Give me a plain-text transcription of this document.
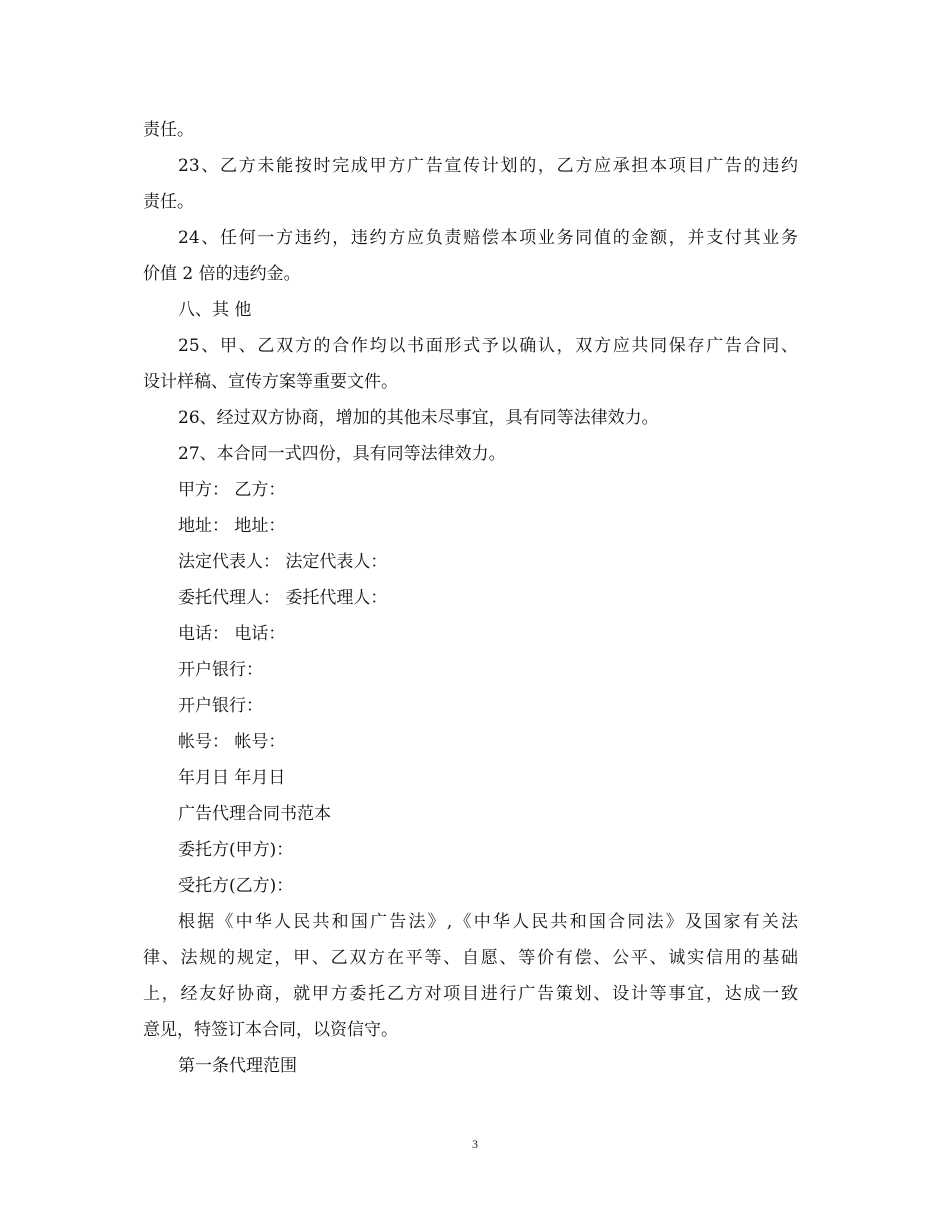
责任。
23、乙方未能按时完成甲方广告宣传计划的，乙方应承担本项目广告的违约
责任。
24、任何一方违约，违约方应负责赔偿本项业务同值的金额，并支付其业务
价值 2 倍的违约金。
八、其 他
25、甲、乙双方的合作均以书面形式予以确认，双方应共同保存广告合同、
设计样稿、宣传方案等重要文件。
26、经过双方协商，增加的其他未尽事宜，具有同等法律效力。
27、本合同一式四份，具有同等法律效力。
甲方： 乙方：
地址： 地址：
法定代表人： 法定代表人：
委托代理人： 委托代理人：
电话： 电话：
开户银行：
开户银行：
帐号： 帐号：
年月日 年月日
广告代理合同书范本
委托方(甲方)：
受托方(乙方)：
根据《中华人民共和国广告法》,《中华人民共和国合同法》及国家有关法
律、法规的规定，甲、乙双方在平等、自愿、等价有偿、公平、诚实信用的基础
上，经友好协商，就甲方委托乙方对项目进行广告策划、设计等事宜，达成一致
意见，特签订本合同，以资信守。
第一条代理范围
3
